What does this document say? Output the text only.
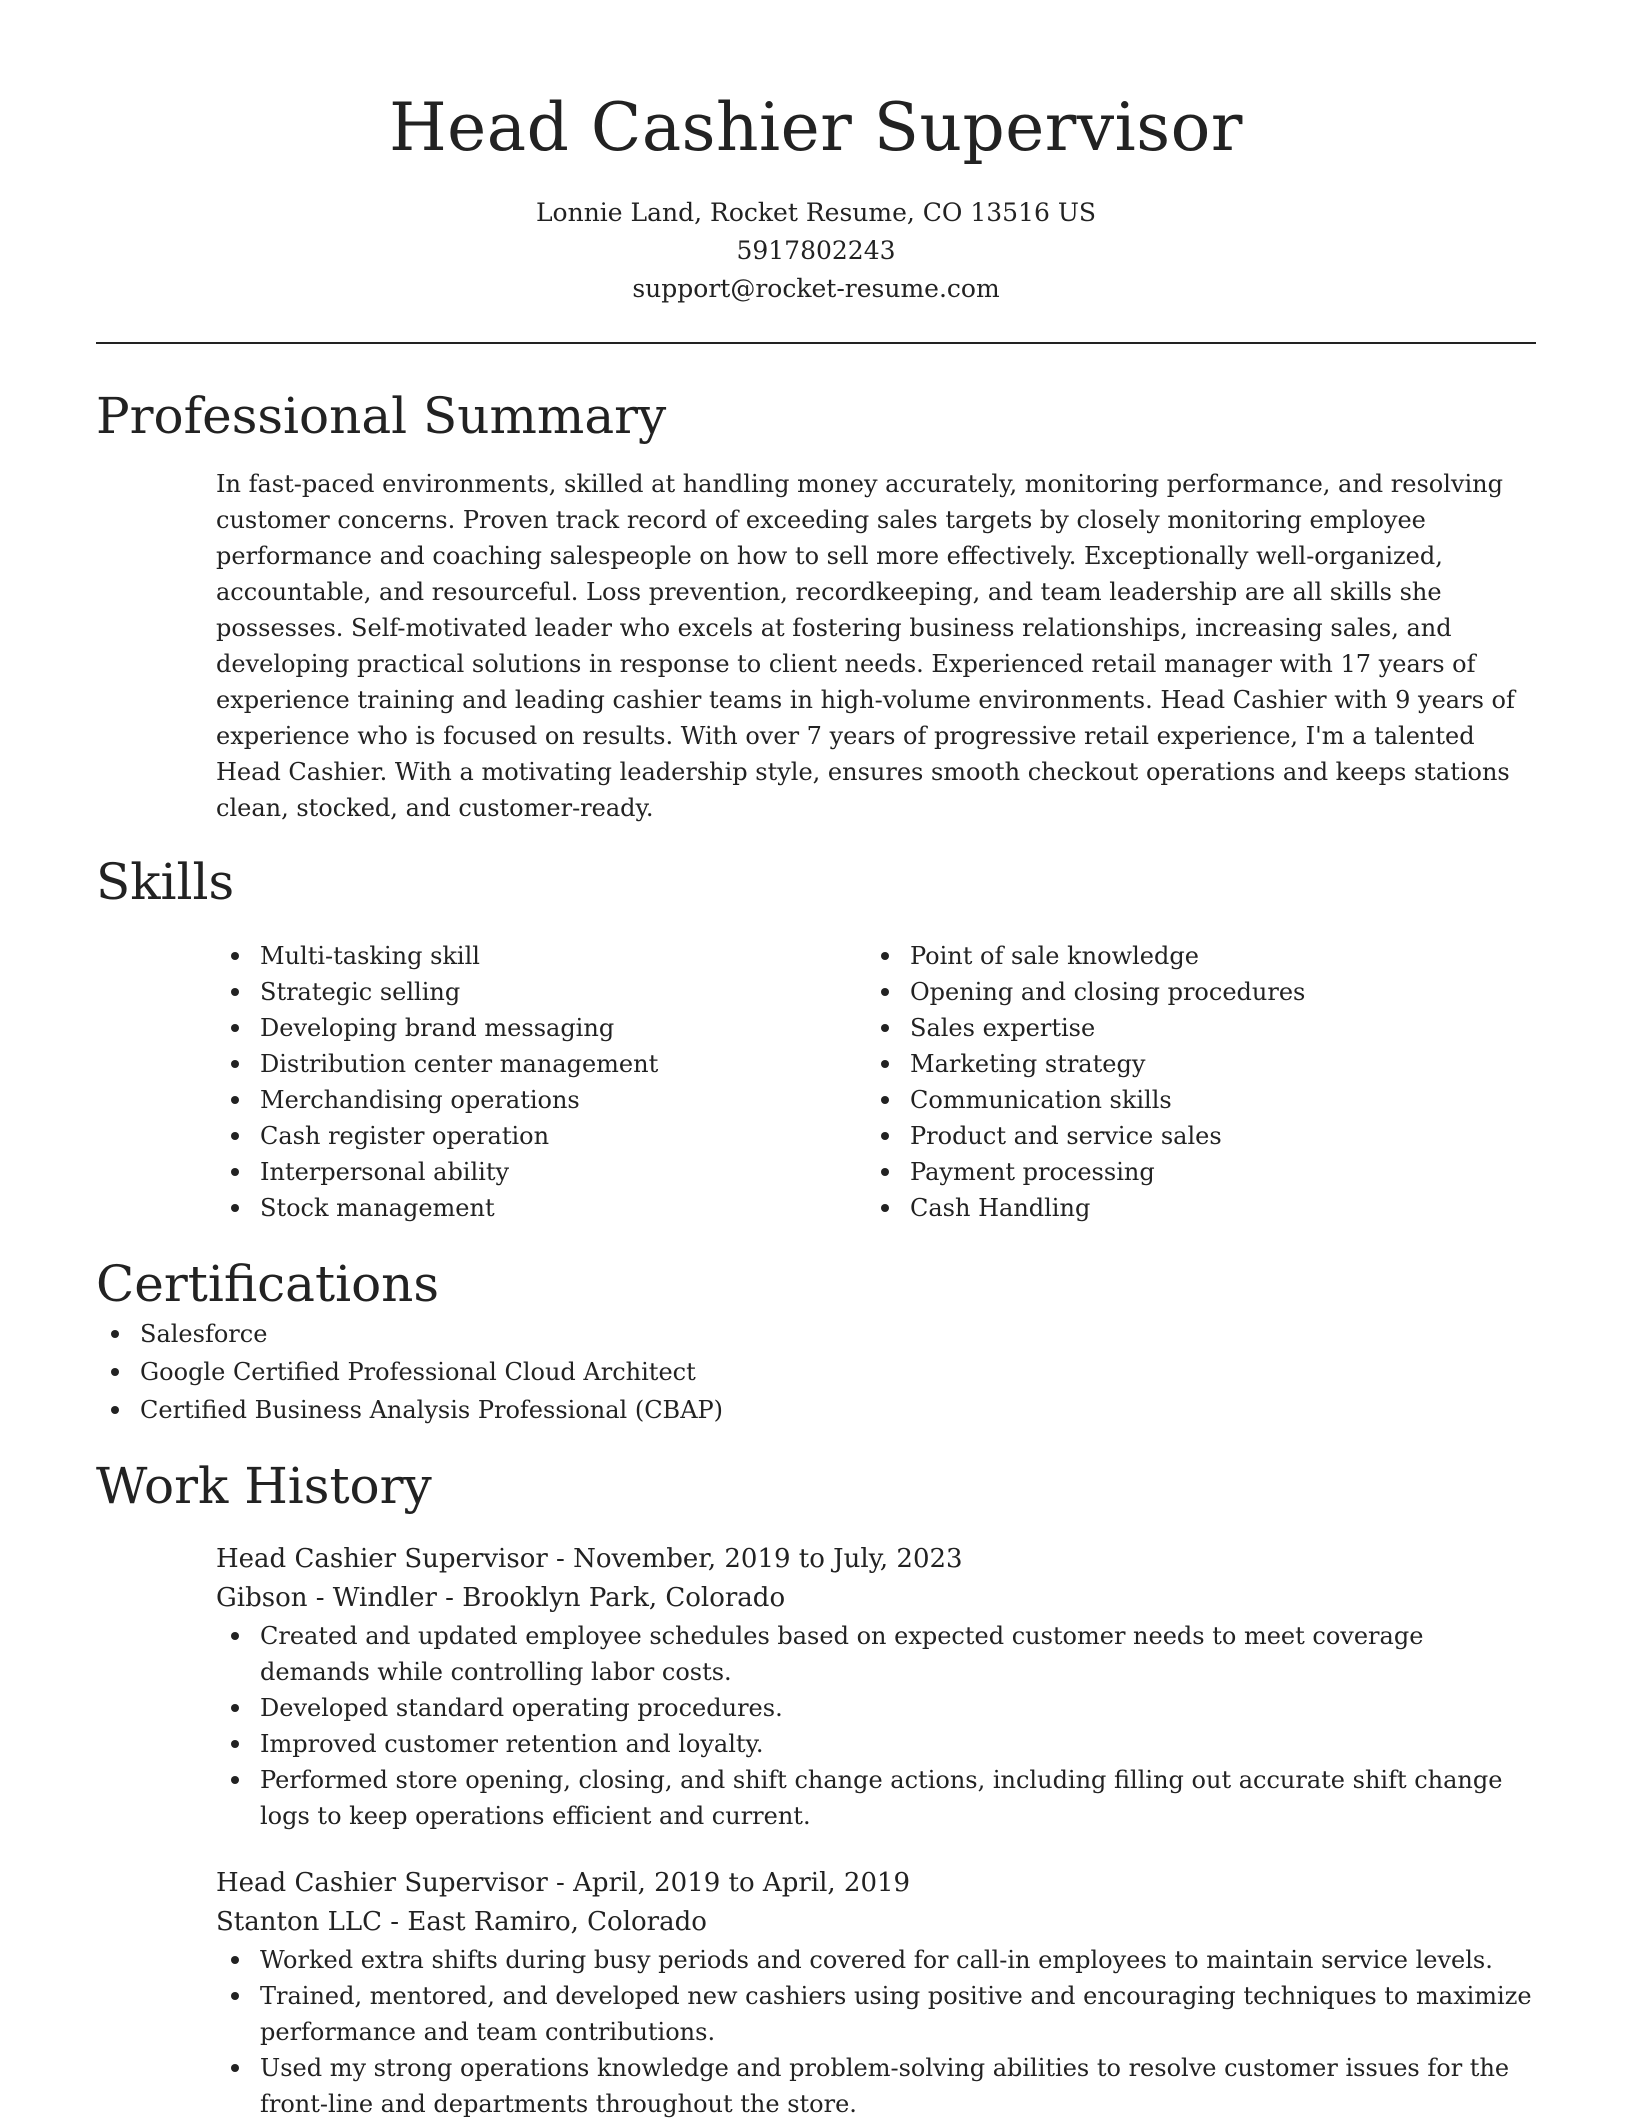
Head Cashier Supervisor
Lonnie Land, Rocket Resume, CO 13516 US
5917802243
support@rocket-resume.com
Professional Summary

In fast-paced environments, skilled at handling money accurately, monitoring performance, and resolving customer concerns. Proven track record of exceeding sales targets by closely monitoring employee performance and coaching salespeople on how to sell more effectively. Exceptionally well-organized, accountable, and resourceful. Loss prevention, recordkeeping, and team leadership are all skills she possesses. Self-motivated leader who excels at fostering business relationships, increasing sales, and developing practical solutions in response to client needs. Experienced retail manager with 17 years of experience training and leading cashier teams in high-volume environments. Head Cashier with 9 years of experience who is focused on results. With over 7 years of progressive retail experience, I'm a talented Head Cashier. With a motivating leadership style, ensures smooth checkout operations and keeps stations clean, stocked, and customer-ready.

Skills
Multi-tasking skill
Strategic selling
Developing brand messaging
Distribution center management
Merchandising operations
Cash register operation
Interpersonal ability
Stock management
Point of sale knowledge
Opening and closing procedures
Sales expertise
Marketing strategy
Communication skills
Product and service sales
Payment processing
Cash Handling
Certifications
Salesforce
Google Certified Professional Cloud Architect
Certified Business Analysis Professional (CBAP)
Work History
Head Cashier Supervisor - November, 2019 to July, 2023
Gibson - Windler - Brooklyn Park, Colorado
Created and updated employee schedules based on expected customer needs to meet coverage demands while controlling labor costs.
Developed standard operating procedures.
Improved customer retention and loyalty.
Performed store opening, closing, and shift change actions, including filling out accurate shift change logs to keep operations efficient and current.
Head Cashier Supervisor - April, 2019 to April, 2019
Stanton LLC - East Ramiro, Colorado
Worked extra shifts during busy periods and covered for call-in employees to maintain service levels.
Trained, mentored, and developed new cashiers using positive and encouraging techniques to maximize performance and team contributions.
Used my strong operations knowledge and problem-solving abilities to resolve customer issues for the front-line and departments throughout the store.
